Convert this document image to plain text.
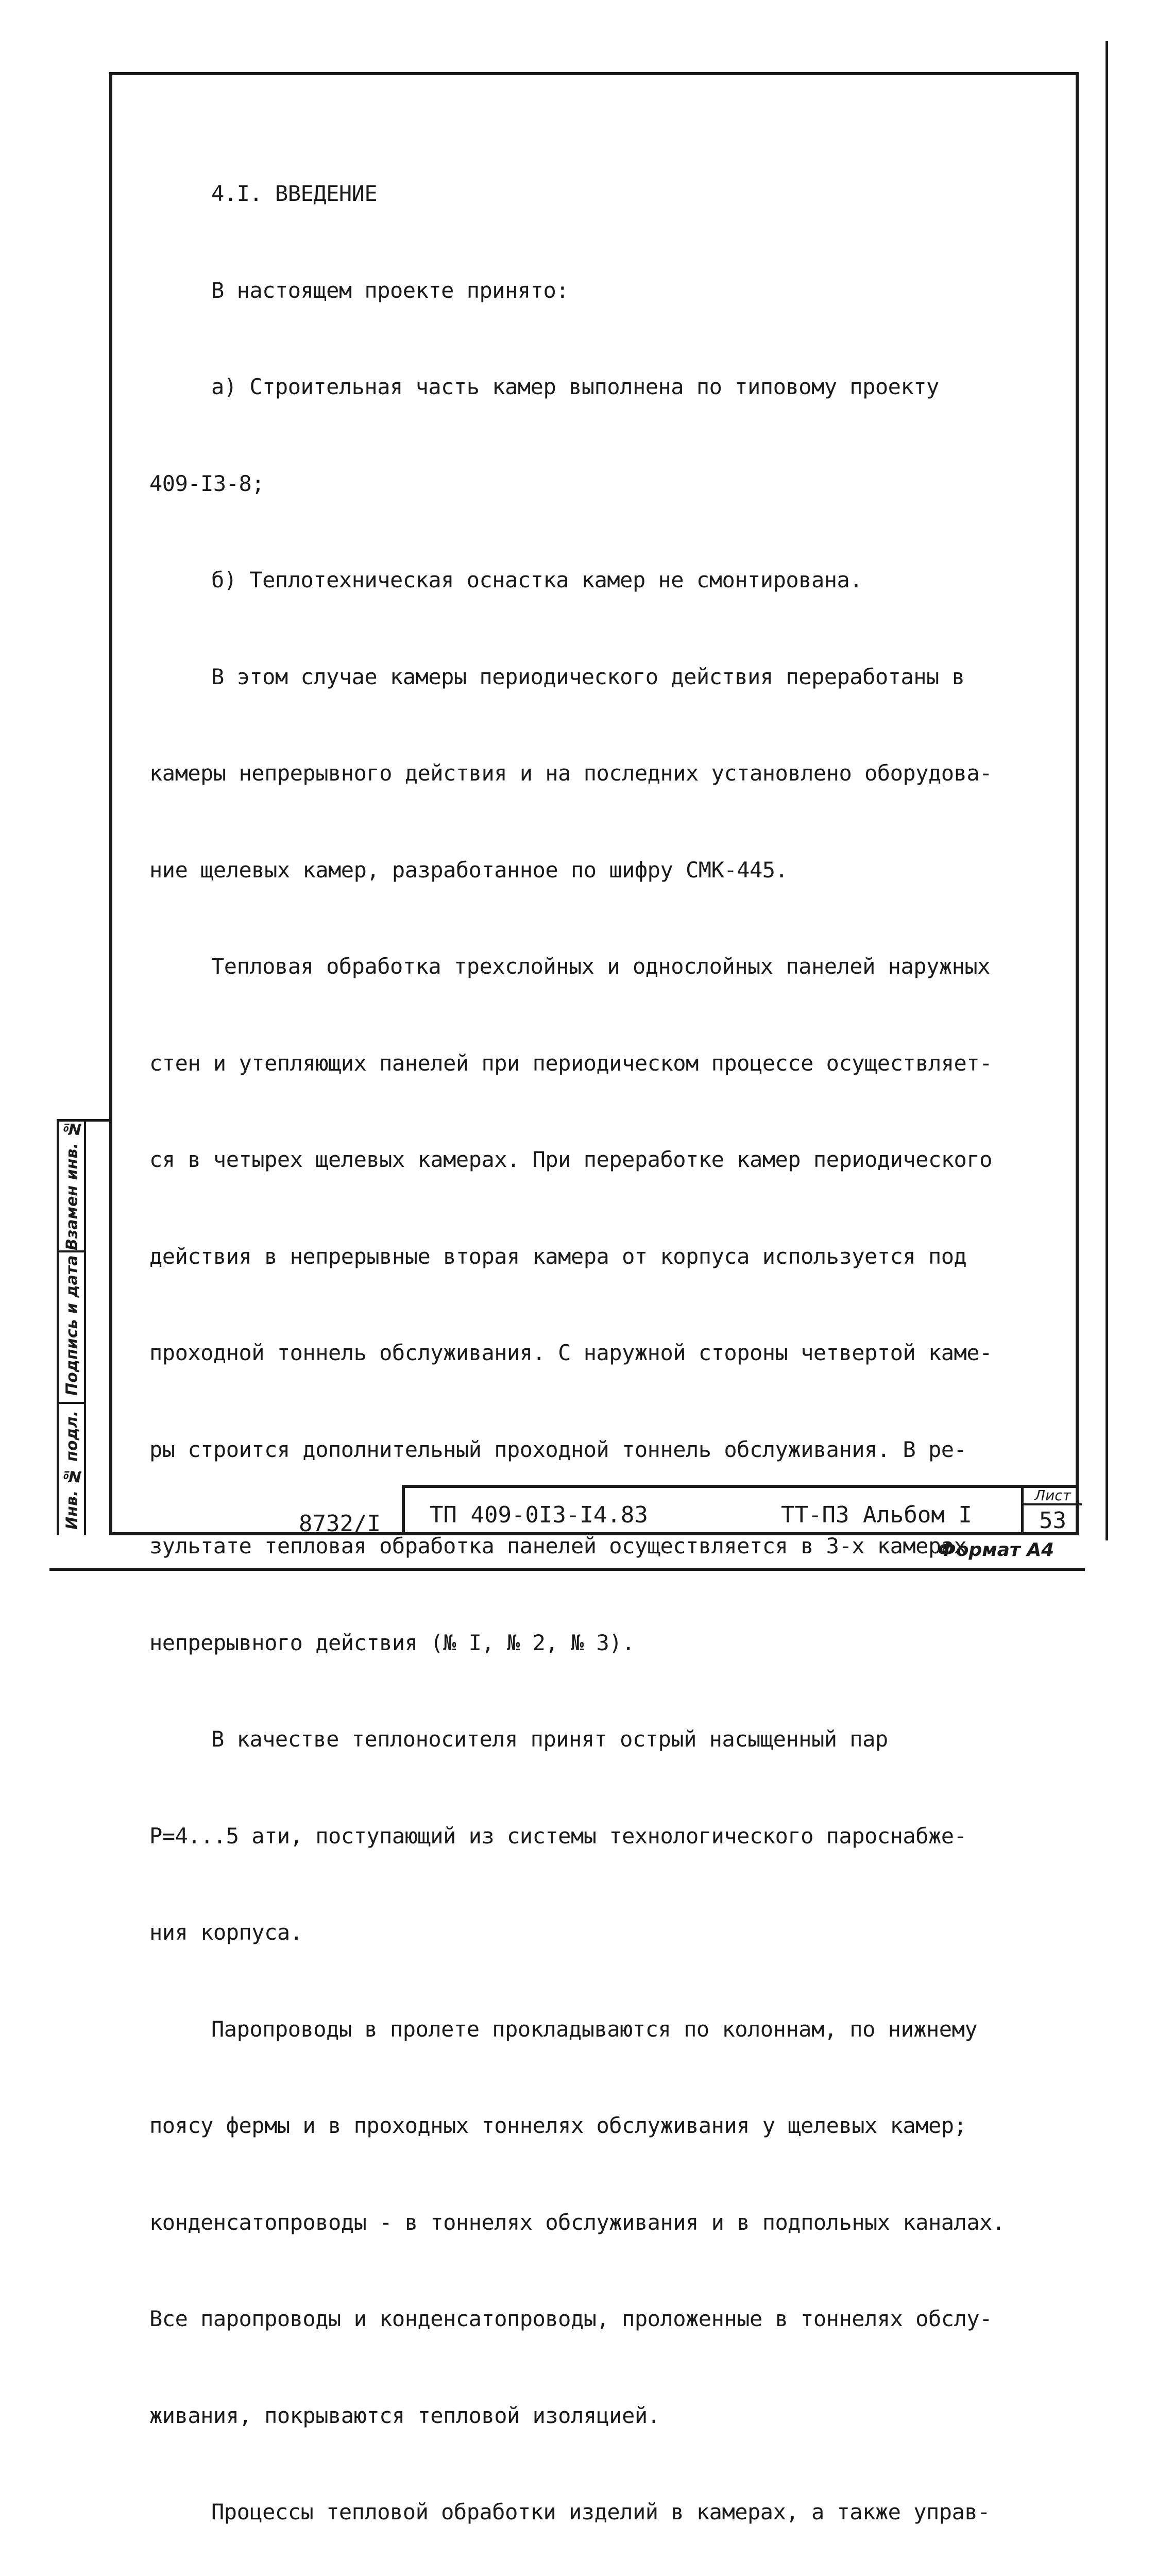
4.I. ВВЕДЕНИЕ

В настоящем проекте принято:

а) Строительная часть камер выполнена по типовому проекту

409-I3-8;

б) Теплотехническая оснастка камер не смонтирована.

В этом случае камеры периодического действия переработаны в

камеры непрерывного действия и на последних установлено оборудова-

ние щелевых камер, разработанное по шифру СМК-445.

Тепловая обработка трехслойных и однослойных панелей наружных

стен и утепляющих панелей при периодическом процессе осуществляет-

ся в четырех щелевых камерах. При переработке камер периодического

действия в непрерывные вторая камера от корпуса используется под

проходной тоннель обслуживания. С наружной стороны четвертой каме-

ры строится дополнительный проходной тоннель обслуживания. В ре-

зультате тепловая обработка панелей осуществляется в 3-х камерах

непрерывного действия (№ I, № 2, № 3).

В качестве теплоносителя принят острый насыщенный пар

P=4...5 ати, поступающий из системы технологического пароснабже-

ния корпуса.

Паропроводы в пролете прокладываются по колоннам, по нижнему

поясу фермы и в проходных тоннелях обслуживания у щелевых камер;

конденсатопроводы - в тоннелях обслуживания и в подпольных каналах.

Все паропроводы и конденсатопроводы, проложенные в тоннелях обслу-

живания, покрываются тепловой изоляцией.

Процессы тепловой обработки изделий в камерах, а также управ-

Взамен инв. №
Подпись и дата
Инв. № подл.	8732/I ТП 409-0I3-I4.83	ТТ-ПЗ Альбом I
Лист
53
Формат А4
